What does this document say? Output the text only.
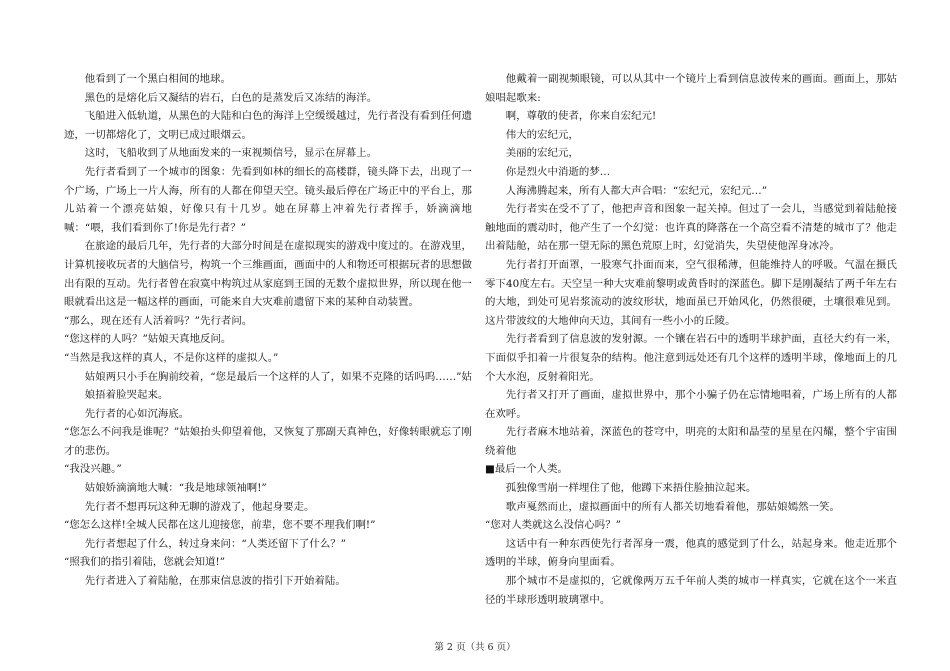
他看到了一个黑白相间的地球。

黑色的是熔化后又凝结的岩石，白色的是蒸发后又冻结的海洋。

飞船进入低轨道，从黑色的大陆和白色的海洋上空缓缓越过，先行者没有看到任何遗迹，一切都熔化了，文明已成过眼烟云。

这时，飞船收到了从地面发来的一束视频信号，显示在屏幕上。

先行者看到了一个城市的图象：先看到如林的细长的高楼群，镜头降下去，出现了一个广场，广场上一片人海，所有的人都在仰望天空。镜头最后停在广场正中的平台上，那儿站着一个漂亮姑娘，好像只有十几岁。她在屏幕上冲着先行者挥手，娇滴滴地喊：“喂，我们看到你了!你是先行者？”

在旅途的最后几年，先行者的大部分时间是在虚拟现实的游戏中度过的。在游戏里，计算机接收玩者的大脑信号，构筑一个三维画面，画面中的人和物还可根据玩者的思想做出有限的互动。先行者曾在寂寞中构筑过从家庭到王国的无数个虚拟世界，所以现在他一眼就看出这是一幅这样的画面，可能来自大灾难前遗留下来的某种自动装置。

“那么，现在还有人活着吗？”先行者问。

“您这样的人吗？”姑娘天真地反问。

“当然是我这样的真人，不是你这样的虚拟人。”

姑娘两只小手在胸前绞着，“您是最后一个这样的人了，如果不克隆的话吗呜……”姑娘捂着脸哭起来。

先行者的心如沉海底。

“您怎么不问我是谁呢？”姑娘抬头仰望着他，又恢复了那副天真神色，好像转眼就忘了刚才的悲伤。

“我没兴趣。”

姑娘娇滴滴地大喊：“我是地球领袖啊!”

先行者不想再玩这种无聊的游戏了，他起身要走。

“您怎么这样!全城人民都在这儿迎接您，前辈，您不要不理我们啊!”

先行者想起了什么，转过身来问：“人类还留下了什么？”

“照我们的指引着陆，您就会知道!”

先行者进入了着陆舱，在那束信息波的指引下开始着陆。

他戴着一副视频眼镜，可以从其中一个镜片上看到信息波传来的画面。画面上，那姑娘唱起歌来:

啊，尊敬的使者，你来自宏纪元!

伟大的宏纪元，

美丽的宏纪元，

你是烈火中消逝的梦…

人海沸腾起来，所有人都大声合唱：“宏纪元，宏纪元…”

先行者实在受不了了，他把声音和图象一起关掉。但过了一会儿，当感觉到着陆舱接触地面的震动时，他产生了一个幻觉：也许真的降落在一个高空看不清楚的城市了？他走出着陆舱，站在那一望无际的黑色荒原上时，幻觉消失，失望使他浑身冰冷。

先行者打开面罩，一股寒气扑面而来，空气很稀薄，但能维持人的呼吸。气温在摄氏零下40度左右。天空呈一种大灾难前黎明或黄昏时的深蓝色。脚下是刚凝结了两千年左右的大地，到处可见岩浆流动的波纹形状，地面虽已开始风化，仍然很硬，土壤很难见到。这片带波纹的大地伸向天边，其间有一些小小的丘陵。

先行者看到了信息波的发射源。一个镶在岩石中的透明半球护面，直径大约有一米，下面似乎扣着一片很复杂的结构。他注意到远处还有几个这样的透明半球，像地面上的几个大水泡，反射着阳光。

先行者又打开了画面，虚拟世界中，那个小骗子仍在忘情地唱着，广场上所有的人都在欢呼。

先行者麻木地站着，深蓝色的苍穹中，明亮的太阳和晶莹的星星在闪耀，整个宇宙围绕着他
■最后一个人类。

孤独像雪崩一样埋住了他，他蹲下来捂住脸抽泣起来。

歌声戛然而止，虚拟画面中的所有人都关切地看着他，那姑娘嫣然一笑。

“您对人类就这么没信心吗？”

这话中有一种东西使先行者浑身一震，他真的感觉到了什么，站起身来。他走近那个透明的半球，俯身向里面看。

那个城市不是虚拟的，它就像两万五千年前人类的城市一样真实，它就在这个一米直径的半球形透明玻璃罩中。

第 2 页（共 6 页）
